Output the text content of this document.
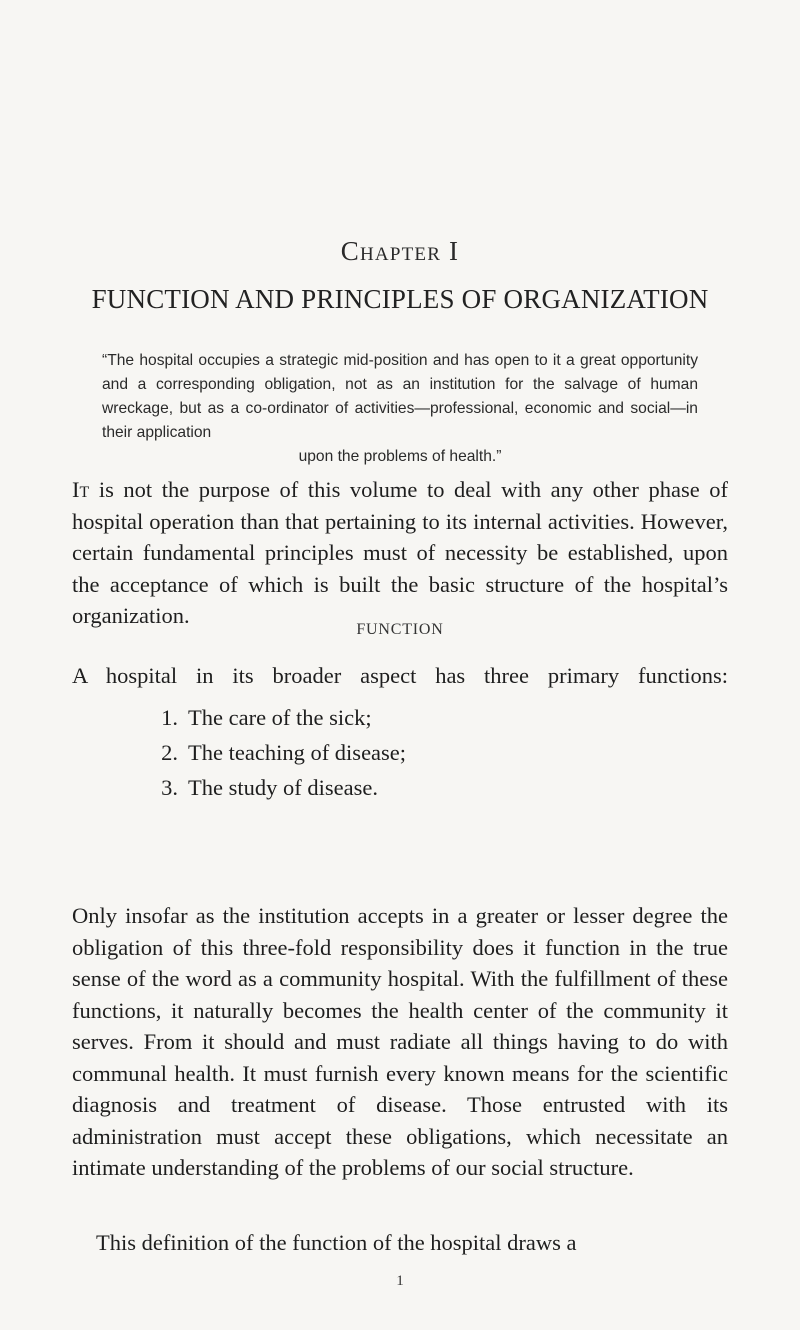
Chapter I
FUNCTION AND PRINCIPLES OF ORGANIZATION
“The hospital occupies a strategic mid-position and has open to it a great opportunity and a corresponding obligation, not as an institution for the salvage of human wreckage, but as a co-ordinator of activities—professional, economic and social—in their application
upon the problems of health.”

It is not the purpose of this volume to deal with any other phase of hospital operation than that pertaining to its internal activities. However, certain fundamental principles must of necessity be established, upon the acceptance of which is built the basic structure of the hospital’s organization.

FUNCTION
A hospital in its broader aspect has three primary functions:
1. The care of the sick;
2. The teaching of disease;
3. The study of disease.

Only insofar as the institution accepts in a greater or lesser degree the obligation of this three-fold responsibility does it function in the true sense of the word as a community hospital. With the fulfillment of these functions, it naturally becomes the health center of the community it serves. From it should and must radiate all things having to do with communal health. It must furnish every known means for the scientific diagnosis and treatment of disease. Those entrusted with its administration must accept these obligations, which necessitate an intimate understanding of the problems of our social structure.

This definition of the function of the hospital draws a

1
